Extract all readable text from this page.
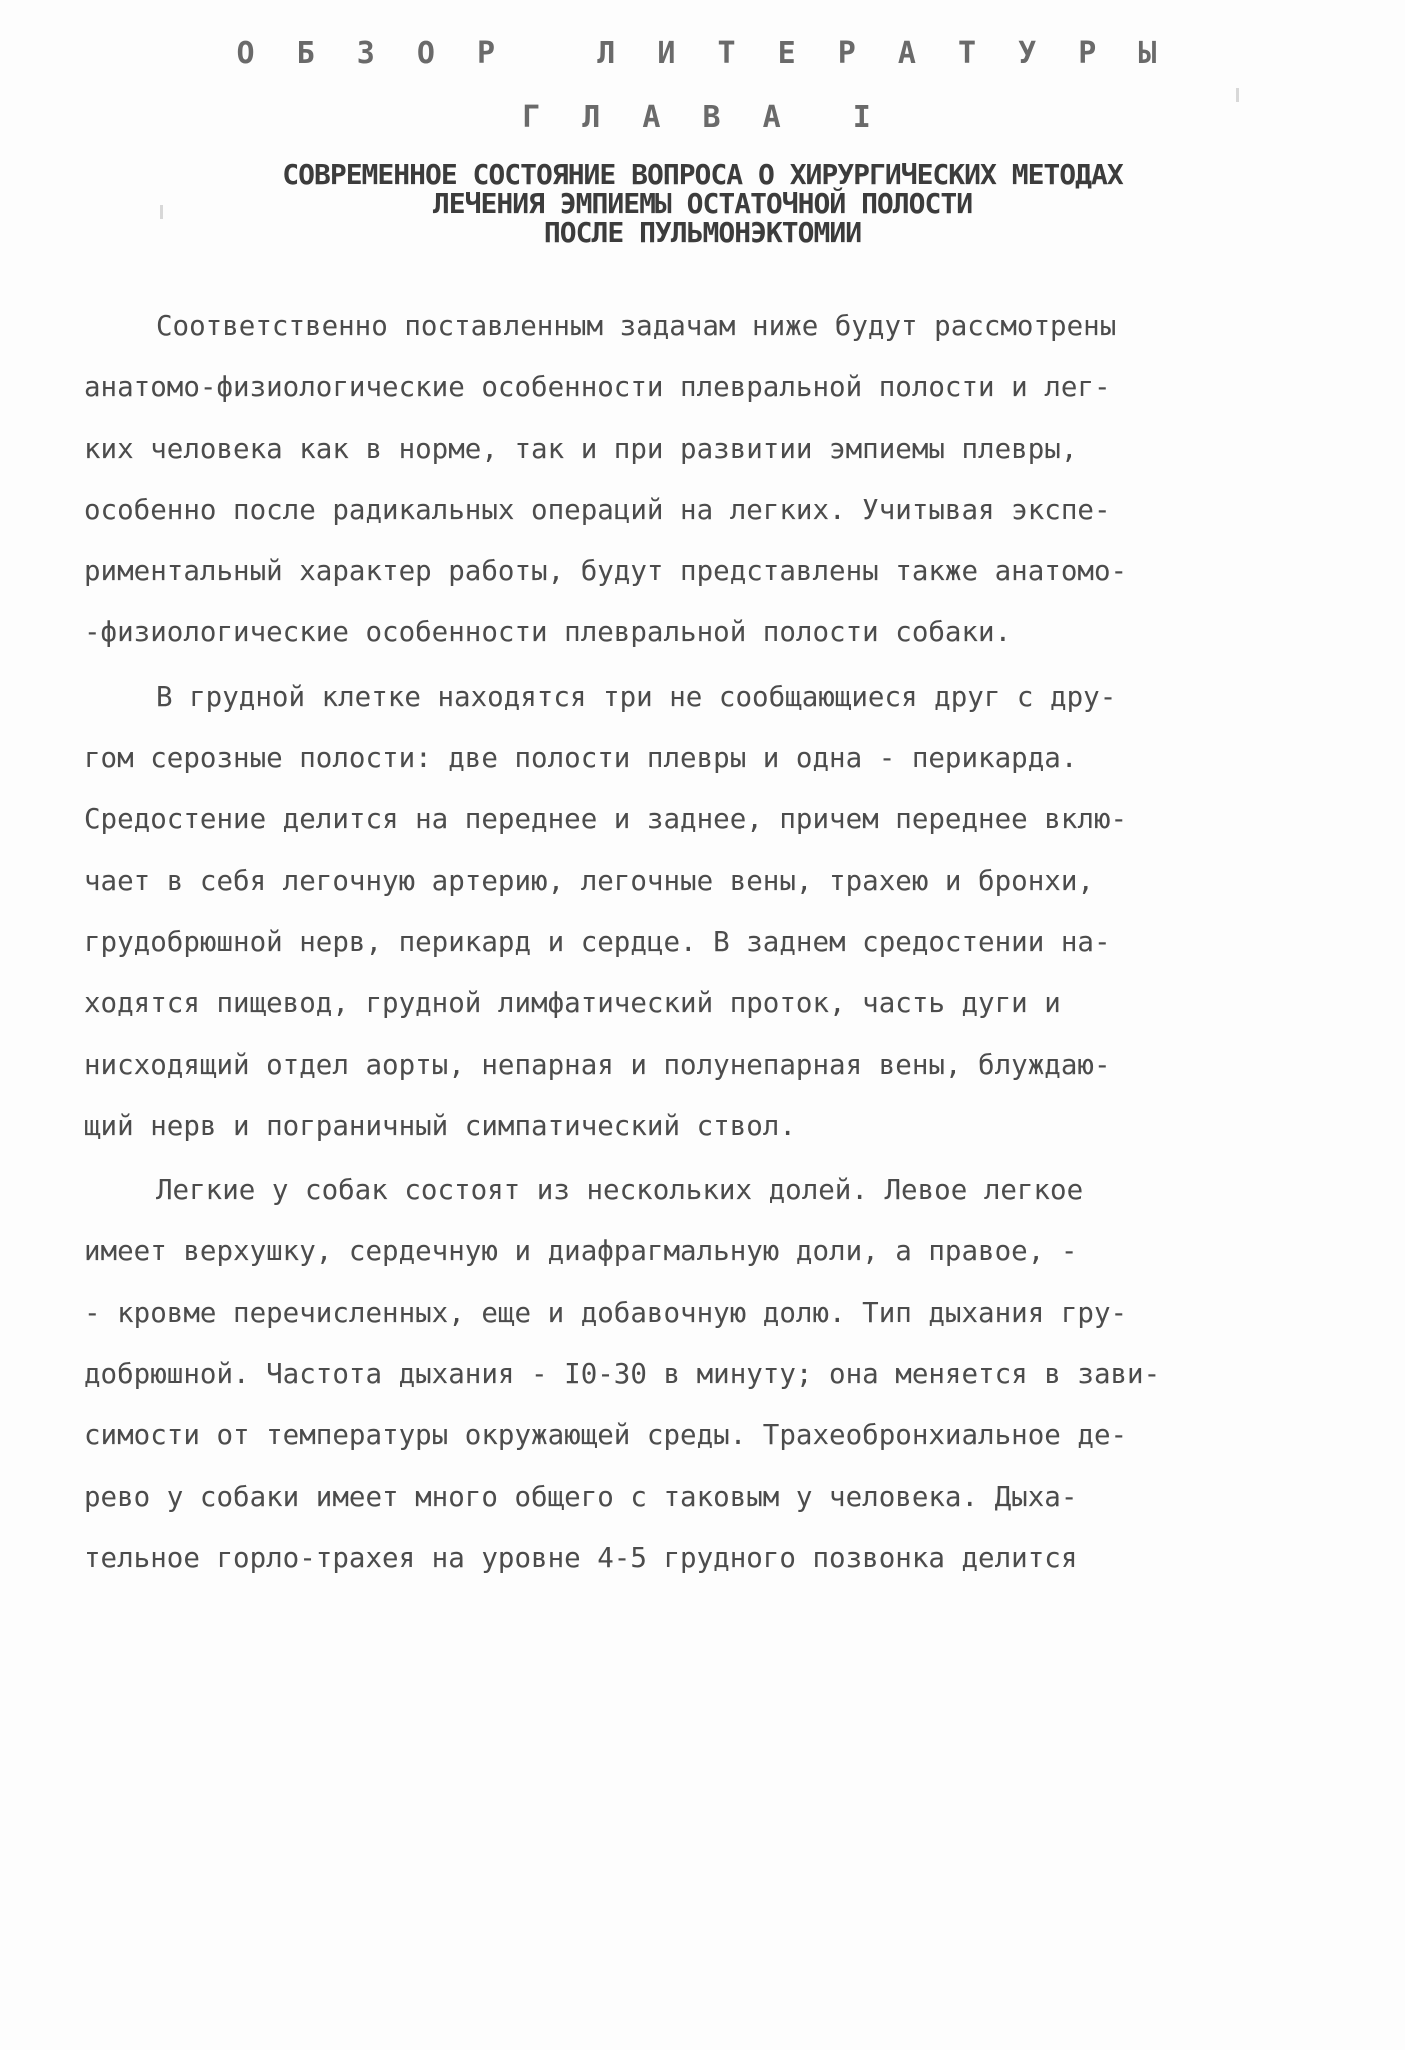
О Б З О Р   Л И Т Е Р А Т У Р Ы
Г Л А В А  I
СОВРЕМЕННОЕ СОСТОЯНИЕ ВОПРОСА О ХИРУРГИЧЕСКИХ МЕТОДАХ
ЛЕЧЕНИЯ ЭМПИЕМЫ ОСТАТОЧНОЙ ПОЛОСТИ
ПОСЛЕ ПУЛЬМОНЭКТОМИИ
Соответственно поставленным задачам ниже будут рассмотрены
анатомо-физиологические особенности плевральной полости и лег-
ких человека как в норме, так и при развитии эмпиемы плевры,
особенно после радикальных операций на легких. Учитывая экспе-
риментальный характер работы, будут представлены также анатомо-
-физиологические особенности плевральной полости собаки.
В грудной клетке находятся три не сообщающиеся друг с дру-
гом серозные полости: две полости плевры и одна - перикарда.
Средостение делится на переднее и заднее, причем переднее вклю-
чает в себя легочную артерию, легочные вены, трахею и бронхи,
грудобрюшной нерв, перикард и сердце. В заднем средостении на-
ходятся пищевод, грудной лимфатический проток, часть дуги и
нисходящий отдел аорты, непарная и полунепарная вены, блуждаю-
щий нерв и пограничный симпатический ствол.
Легкие у собак состоят из нескольких долей. Левое легкое
имеет верхушку, сердечную и диафрагмальную доли, а правое, -
- кровме перечисленных, еще и добавочную долю. Тип дыхания гру-
добрюшной. Частота дыхания - I0-30 в минуту; она меняется в зави-
симости от температуры окружающей среды. Трахеобронхиальное де-
рево у собаки имеет много общего с таковым у человека. Дыха-
тельное горло-трахея на уровне 4-5 грудного позвонка делится
